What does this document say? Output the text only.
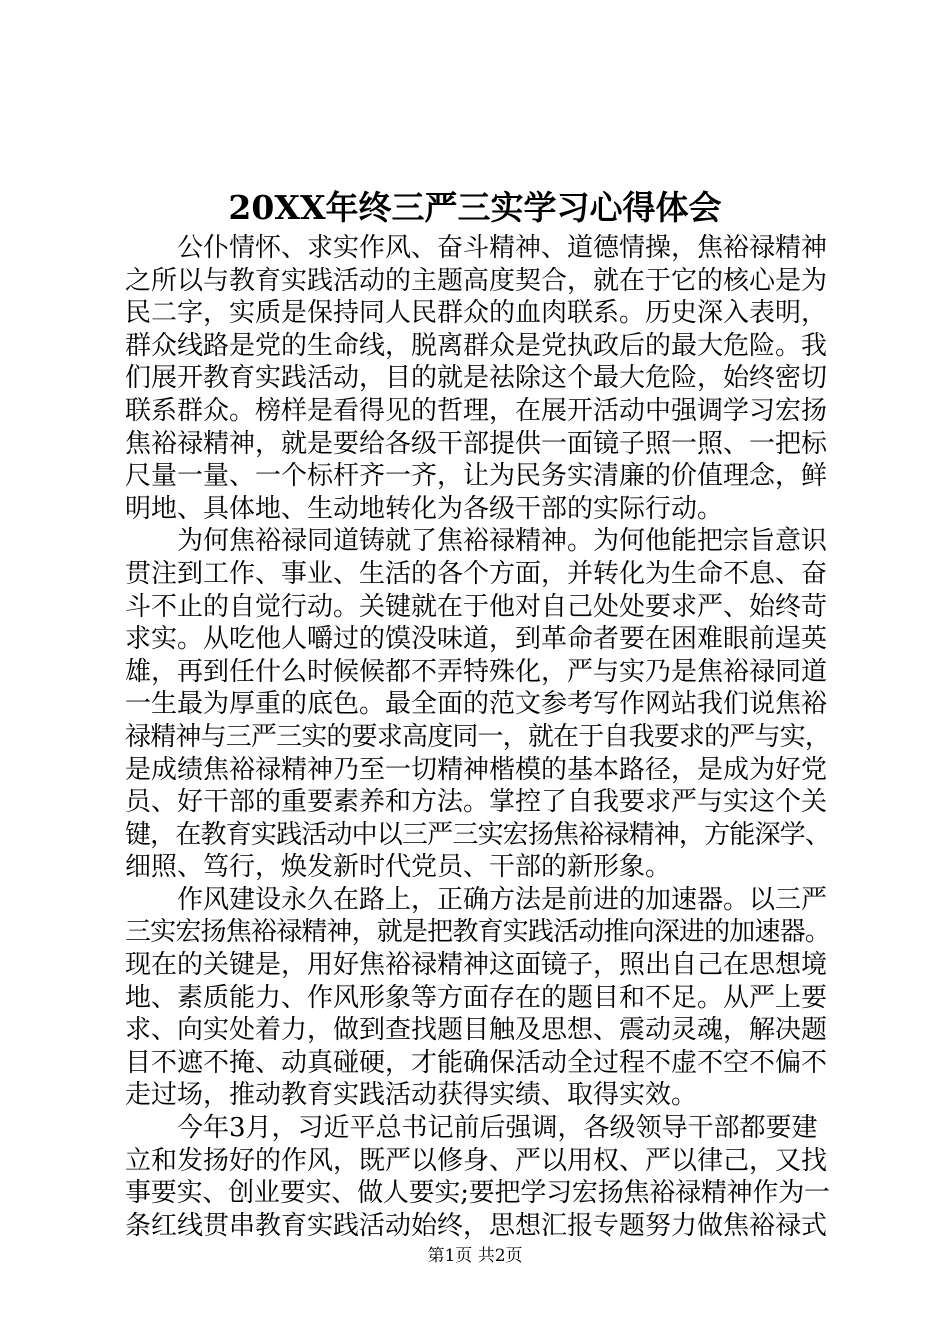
20XX年终三严三实学习心得体会
　　公仆情怀、求实作风、奋斗精神、道德情操，焦裕禄精神
之所以与教育实践活动的主题高度契合，就在于它的核心是为
民二字，实质是保持同人民群众的血肉联系。历史深入表明，
群众线路是党的生命线，脱离群众是党执政后的最大危险。我
们展开教育实践活动，目的就是祛除这个最大危险，始终密切
联系群众。榜样是看得见的哲理，在展开活动中强调学习宏扬
焦裕禄精神，就是要给各级干部提供一面镜子照一照、一把标
尺量一量、一个标杆齐一齐，让为民务实清廉的价值理念，鲜
明地、具体地、生动地转化为各级干部的实际行动。
　　为何焦裕禄同道铸就了焦裕禄精神。为何他能把宗旨意识
贯注到工作、事业、生活的各个方面，并转化为生命不息、奋
斗不止的自觉行动。关键就在于他对自己处处要求严、始终苛
求实。从吃他人嚼过的馍没味道，到革命者要在困难眼前逞英
雄，再到任什么时候候都不弄特殊化，严与实乃是焦裕禄同道
一生最为厚重的底色。最全面的范文参考写作网站我们说焦裕
禄精神与三严三实的要求高度同一，就在于自我要求的严与实，
是成绩焦裕禄精神乃至一切精神楷模的基本路径，是成为好党
员、好干部的重要素养和方法。掌控了自我要求严与实这个关
键，在教育实践活动中以三严三实宏扬焦裕禄精神，方能深学、
细照、笃行，焕发新时代党员、干部的新形象。
　　作风建设永久在路上，正确方法是前进的加速器。以三严
三实宏扬焦裕禄精神，就是把教育实践活动推向深进的加速器。
现在的关键是，用好焦裕禄精神这面镜子，照出自己在思想境
地、素质能力、作风形象等方面存在的题目和不足。从严上要
求、向实处着力，做到查找题目触及思想、震动灵魂，解决题
目不遮不掩、动真碰硬，才能确保活动全过程不虚不空不偏不
走过场，推动教育实践活动获得实绩、取得实效。
　　今年3月，习近平总书记前后强调，各级领导干部都要建
立和发扬好的作风，既严以修身、严以用权、严以律己，又找
事要实、创业要实、做人要实;要把学习宏扬焦裕禄精神作为一
条红线贯串教育实践活动始终，思想汇报专题努力做焦裕禄式
第1页 共2页
